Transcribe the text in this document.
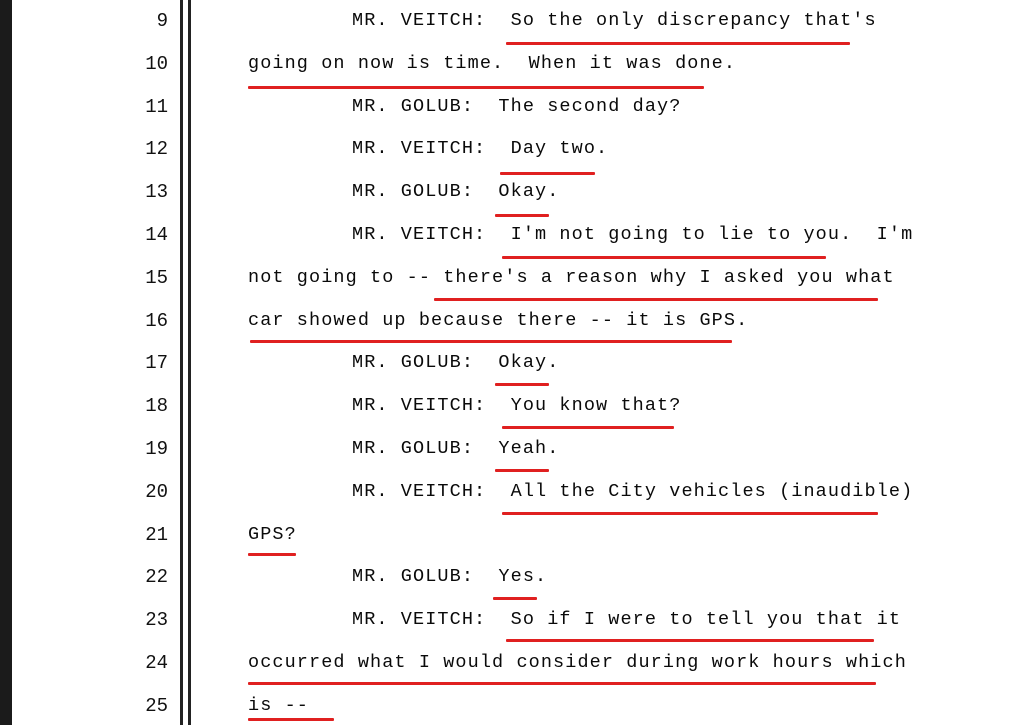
9	MR. VEITCH:  So the only discrepancy that's
10	going on now is time.  When it was done.
11	MR. GOLUB:  The second day?
12	MR. VEITCH:  Day two.
13	MR. GOLUB:  Okay.
14	MR. VEITCH:  I'm not going to lie to you.  I'm
15	not going to -- there's a reason why I asked you what
16	car showed up because there -- it is GPS.
17	MR. GOLUB:  Okay.
18	MR. VEITCH:  You know that?
19	MR. GOLUB:  Yeah.
20	MR. VEITCH:  All the City vehicles (inaudible)
21	GPS?
22	MR. GOLUB:  Yes.
23	MR. VEITCH:  So if I were to tell you that it
24	occurred what I would consider during work hours which
25	is --
